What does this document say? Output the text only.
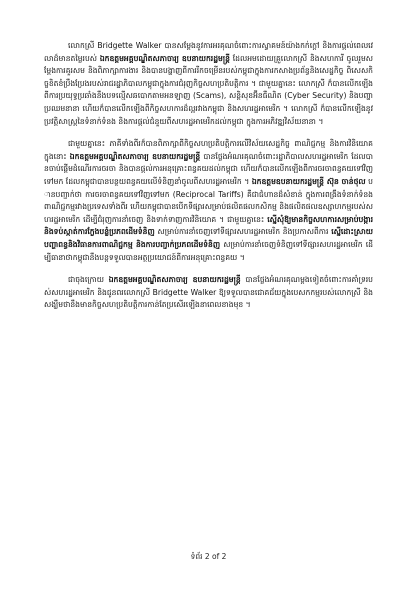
លោកស្រី Bridgette Walker បានសម្តែងនូវការអរគុណចំពោះការស្វាគមន៍យ៉ាងកក់ក្តៅ និងការផ្តល់ពេលវេលាដ៏មានតម្លៃរបស់ ឯកឧត្តមអគ្គបណ្ឌិតសភាចារ្យ ឧបនាយករដ្ឋមន្ត្រី ដែលអមដោយគ្រួលោកស្រី និងសហការី ចូលរួមសម្តែងការគួរសម និងពិភាក្សាការងារ និងបានបង្ហាញពីការរីកចម្រើនរបស់កម្ពុជាក្នុងការកសាងប្រព័ន្ធនិងសេដ្ឋកិច្ច ពិសេសកិច្ចខិតខំប្រឹងប្រែងរបស់រាជរដ្ឋាភិបាលកម្ពុជាក្នុងការជំរុញកិច្ចសហប្រតិបត្តិការ ។ ជាមួយគ្នានេះ លោកស្រី ក៏បានលើកឡើងពីការប្រយុទ្ធប្រឆាំងនឹងបទល្មើសឆបោកតាមអនឡាញ (Scams), សន្តិសុខអ៊ីនធឺណិត (Cyber Security) និងបញ្ហាប្រឈមនានា ហើយក៏បានលើកឡើងពីកិច្ចសហការដ៏ល្អរវាងកម្ពុជា និងសហរដ្ឋអាមេរិក ។ លោកស្រី ក៏បានលើកឡើងនូវប្រវត្តិសាស្ត្រនៃទំនាក់ទំនង និងការផ្តល់ជំនួយពីសហរដ្ឋអាមេរិកដល់កម្ពុជា ក្នុងការអភិវឌ្ឍវិស័យនានា ។

ជាមួយគ្នានេះ ភាគីទាំងពីរក៏បានពិភាក្សាពីកិច្ចសហប្រតិបត្តិការលើវិស័យសេដ្ឋកិច្ច ពាណិជ្ជកម្ម និងការវិនិយោគ ក្នុងនោះ ឯកឧត្តមអគ្គបណ្ឌិតសភាចារ្យ ឧបនាយករដ្ឋមន្ត្រី បានថ្លែងអំណរគុណចំពោះរដ្ឋាភិបាលសហរដ្ឋអាមេរិក ដែលបានចាប់ផ្តើមដំណើរការចរចា និងបានផ្តល់ការអនុគ្រោះពន្ធគយដល់កម្ពុជា ហើយក៏បានលើកឡើងពីការចរចាពន្ធគយទៅវិញទៅមក ដែលកម្ពុជាបានបន្ថយពន្ធគយលើទំនិញនាំចូលពីសហរដ្ឋអាមេរិក ។ ឯកឧត្តមឧបនាយករដ្ឋមន្ត្រី ស៊ុន ចាន់ថុល បានបញ្ជាក់ថា ការចរចាពន្ធគយទៅវិញទៅមក (Reciprocal Tariffs) គឺជាជំហានដ៏សំខាន់ ក្នុងការពង្រឹងទំនាក់ទំនងពាណិជ្ជកម្មរវាងប្រទេសទាំងពីរ ហើយកម្ពុជាបានបើកទីផ្សារសម្រាប់ផលិតផលកសិកម្ម និងផលិតផលឧស្សាហកម្មរបស់សហរដ្ឋអាមេរិក ដើម្បីជំរុញការនាំចេញ និងទាក់ទាញការវិនិយោគ ។ ជាមួយគ្នានេះ ស្នើសុំឱ្យមានកិច្ចសហការសម្រាប់បង្ការ និងទប់ស្កាត់ការក្លែងបន្លំប្រភពដើមទំនិញ សម្រាប់ការនាំចេញទៅទីផ្សារសហរដ្ឋអាមេរិក និងប្រកាសពីការ ស្នើដោះស្រាយបញ្ហាពន្ធនិងវិធានការពាណិជ្ជកម្ម និងការបញ្ជាក់ប្រភពដើមទំនិញ សម្រាប់ការនាំចេញទំនិញទៅទីផ្សារសហរដ្ឋអាមេរិក ដើម្បីធានាថាកម្ពុជានឹងបន្តទទួលបានអត្ថប្រយោជន៍ពីការអនុគ្រោះពន្ធគយ ។

ជាចុងក្រោយ ឯកឧត្តមអគ្គបណ្ឌិតសភាចារ្យ ឧបនាយករដ្ឋមន្ត្រី បានថ្លែងអំណរគុណម្តងទៀតចំពោះការគាំទ្ររបស់សហរដ្ឋអាមេរិក និងជូនពរលោកស្រី Bridgette Walker ឱ្យទទួលបានជោគជ័យក្នុងបេសកកម្មរបស់លោកស្រី និងសង្ឃឹមថានឹងមានកិច្ចសហប្រតិបត្តិការកាន់តែប្រសើរឡើងនាពេលខាងមុខ ។

ទំព័រ 2 of 2
